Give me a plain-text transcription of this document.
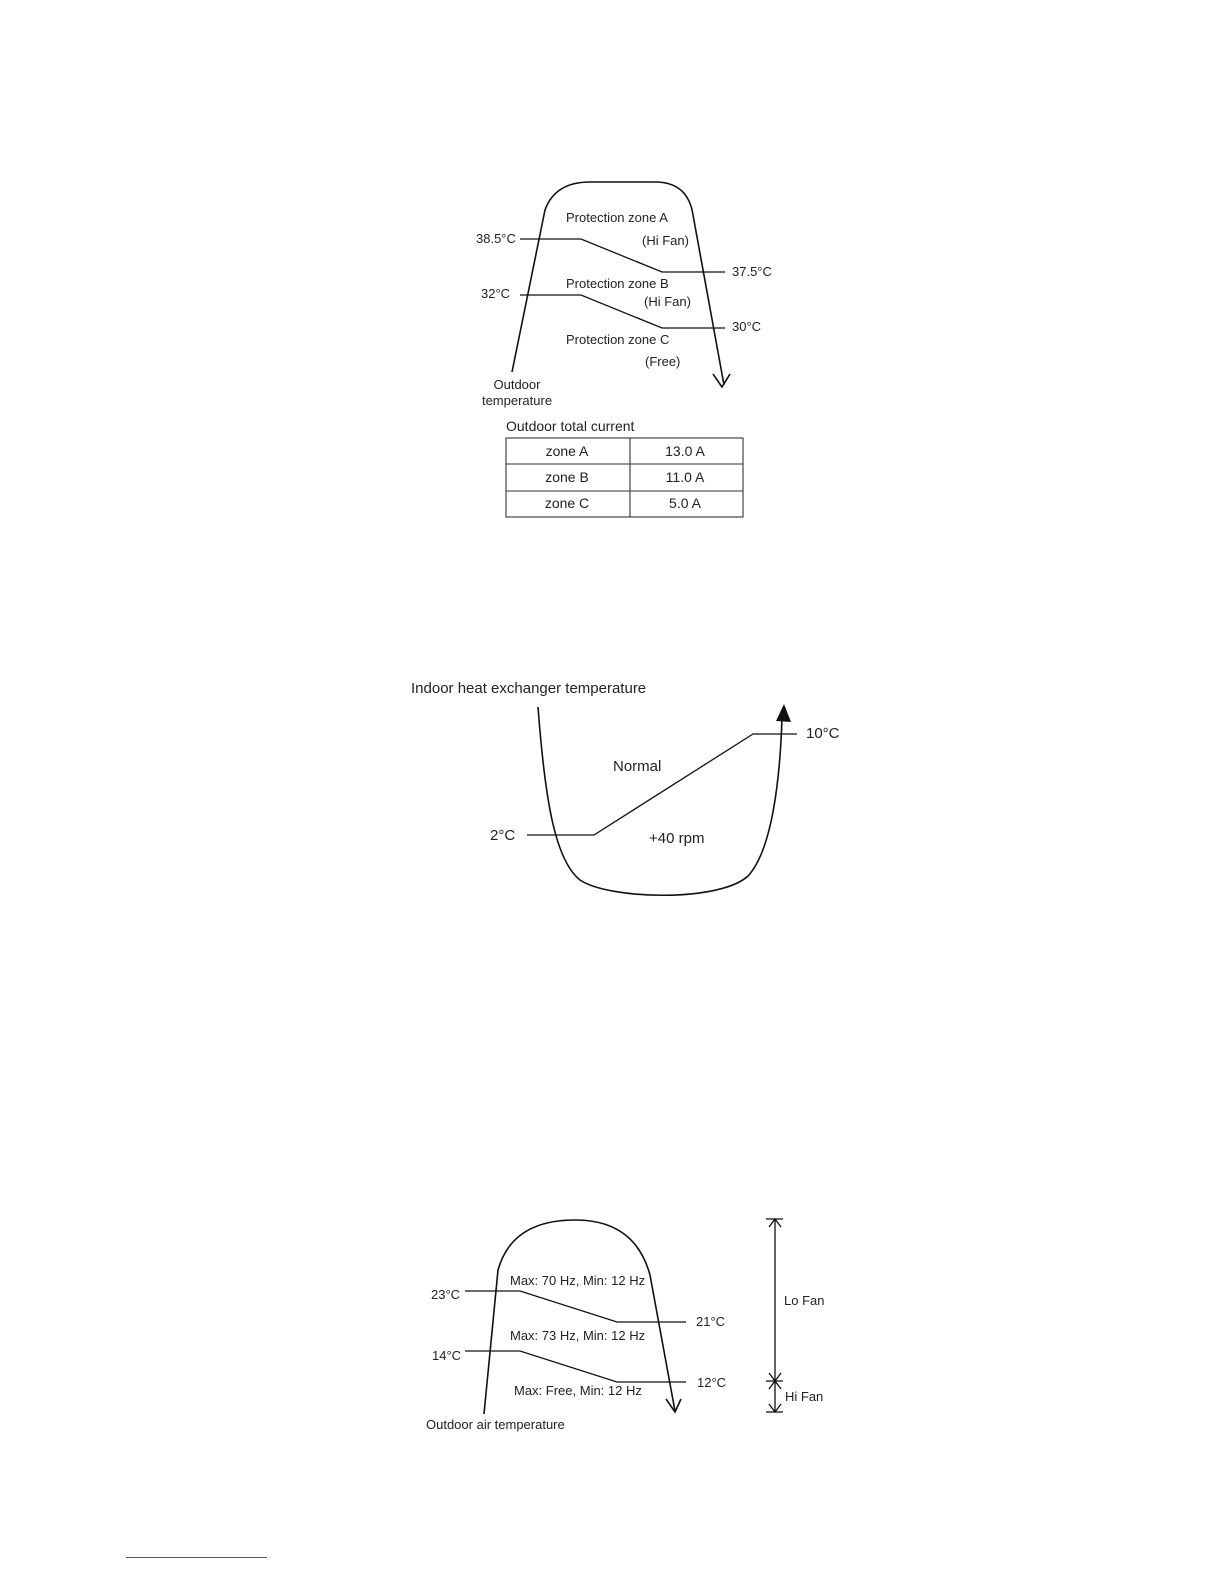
Protection zone A
(Hi Fan)
Protection zone B
(Hi Fan)
Protection zone C
(Free)
38.5°C
37.5°C
32°C
30°C
Outdoor
temperature
Outdoor total current
zone A	13.0 A
zone B	11.0 A
zone C	5.0 A
Indoor heat exchanger temperature
Normal
+40 rpm
2°C
10°C
Max: 70 Hz, Min: 12 Hz
Max: 73 Hz, Min: 12 Hz
Max: Free, Min: 12 Hz
23°C
21°C
14°C
12°C
Outdoor air temperature
Lo Fan
Hi Fan
